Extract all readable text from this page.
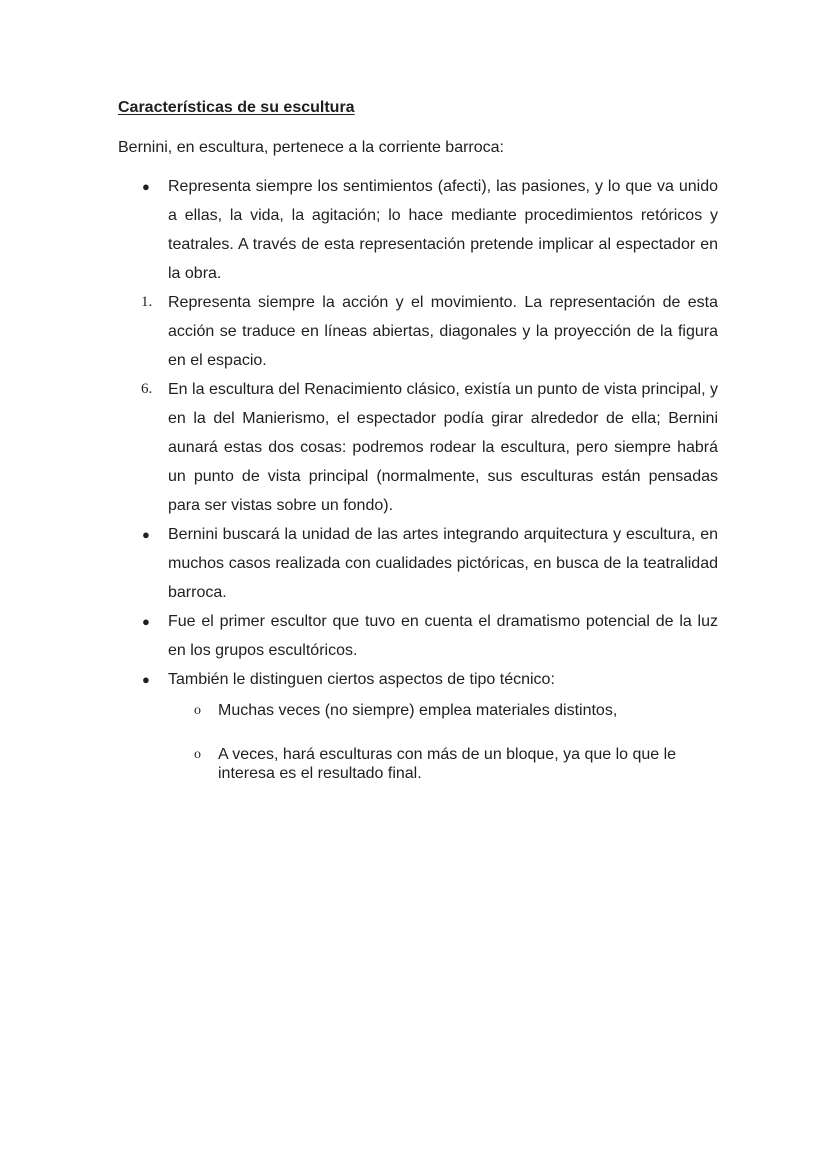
Características de su escultura
Bernini, en escultura, pertenece a la corriente barroca:
●	Representa siempre los sentimientos (afecti), las pasiones, y lo que va unido a ellas, la vida, la agitación; lo hace mediante procedimientos retóricos y teatrales. A través de esta representación pretende implicar al espectador en la obra.
1. Representa siempre la acción y el movimiento. La representación de esta acción se traduce en líneas abiertas, diagonales y la proyección de la figura en el espacio.
6. En la escultura del Renacimiento clásico, existía un punto de vista principal, y en la del Manierismo, el espectador podía girar alrededor de ella; Bernini aunará estas dos cosas: podremos rodear la escultura, pero siempre habrá un punto de vista principal (normalmente, sus esculturas están pensadas para ser vistas sobre un fondo).
●	Bernini buscará la unidad de las artes integrando arquitectura y escultura, en muchos casos realizada con cualidades pictóricas, en busca de la teatralidad barroca.
●	Fue el primer escultor que tuvo en cuenta el dramatismo potencial de la luz en los grupos escultóricos.
●	También le distinguen ciertos aspectos de tipo técnico:
o	Muchas veces (no siempre) emplea materiales distintos,
o	A veces, hará esculturas con más de un bloque, ya que lo que le interesa es el resultado final.
